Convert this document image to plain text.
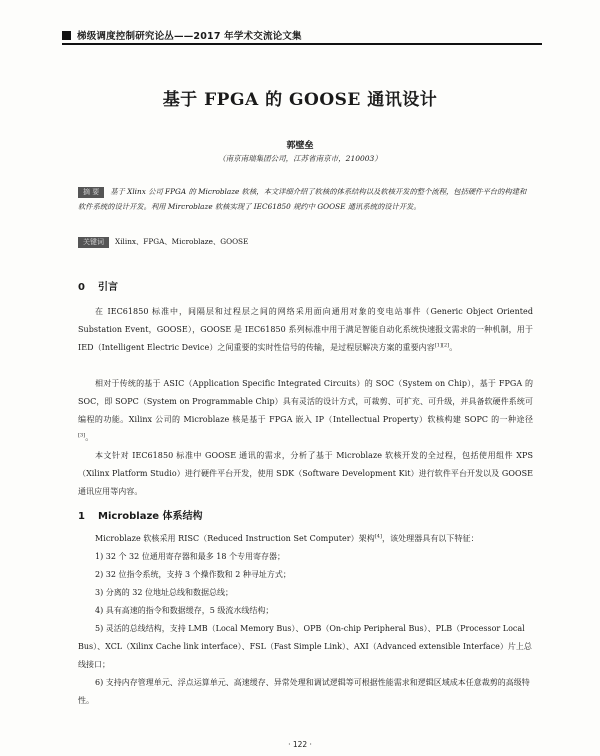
梯级调度控制研究论丛——2017 年学术交流论文集
基于 FPGA 的 GOOSE 通讯设计
郭壁垒
（南京南瑞集团公司，江苏省南京市，210003）
摘 要 基于 Xlinx 公司 FPGA 的 Microblaze 软核，本文详细介绍了软核的体系结构以及软核开发的整个流程，包括硬件平台的构建和软件系统的设计开发。利用 Mircroblaze 软核实现了 IEC61850 规约中 GOOSE 通讯系统的设计开发。
关键词 Xilinx、FPGA、Microblaze、GOOSE
0 引言
在 IEC61850 标准中，间隔层和过程层之间的网络采用面向通用对象的变电站事件（Generic Object Oriented Substation Event，GOOSE），GOOSE 是 IEC61850 系列标准中用于满足智能自动化系统快速报文需求的一种机制，用于 IED（Intelligent Electric Device）之间重要的实时性信号的传输，是过程层解决方案的重要内容[1][2]。
相对于传统的基于 ASIC（Application Specific Integrated Circuits）的 SOC（System on Chip），基于 FPGA 的 SOC，即 SOPC（System on Programmable Chip）具有灵活的设计方式，可裁剪、可扩充、可升级，并具备软硬件系统可编程的功能。Xilinx 公司的 Microblaze 核是基于 FPGA 嵌入 IP（Intellectual Property）软核构建 SOPC 的一种途径[3]。
本文针对 IEC61850 标准中 GOOSE 通讯的需求，分析了基于 Microblaze 软核开发的全过程，包括使用组件 XPS（Xilinx Platform Studio）进行硬件平台开发，使用 SDK（Software Development Kit）进行软件平台开发以及 GOOSE 通讯应用等内容。
1 Microblaze 体系结构
Microblaze 软核采用 RISC（Reduced Instruction Set Computer）架构[4]，该处理器具有以下特征：
1) 32 个 32 位通用寄存器和最多 18 个专用寄存器；
2) 32 位指令系统，支持 3 个操作数和 2 种寻址方式；
3) 分离的 32 位地址总线和数据总线；
4) 具有高速的指令和数据缓存，5 级流水线结构；
5) 灵活的总线结构，支持 LMB（Local Memory Bus）、OPB（On-chip Peripheral Bus）、PLB（Processor Local Bus）、XCL（Xilinx Cache link interface）、FSL（Fast Simple Link）、AXI（Advanced extensible Interface）片上总线接口；
6) 支持内存管理单元、浮点运算单元、高速缓存、异常处理和调试逻辑等可根据性能需求和逻辑区域成本任意裁剪的高级特性。
· 122 ·
